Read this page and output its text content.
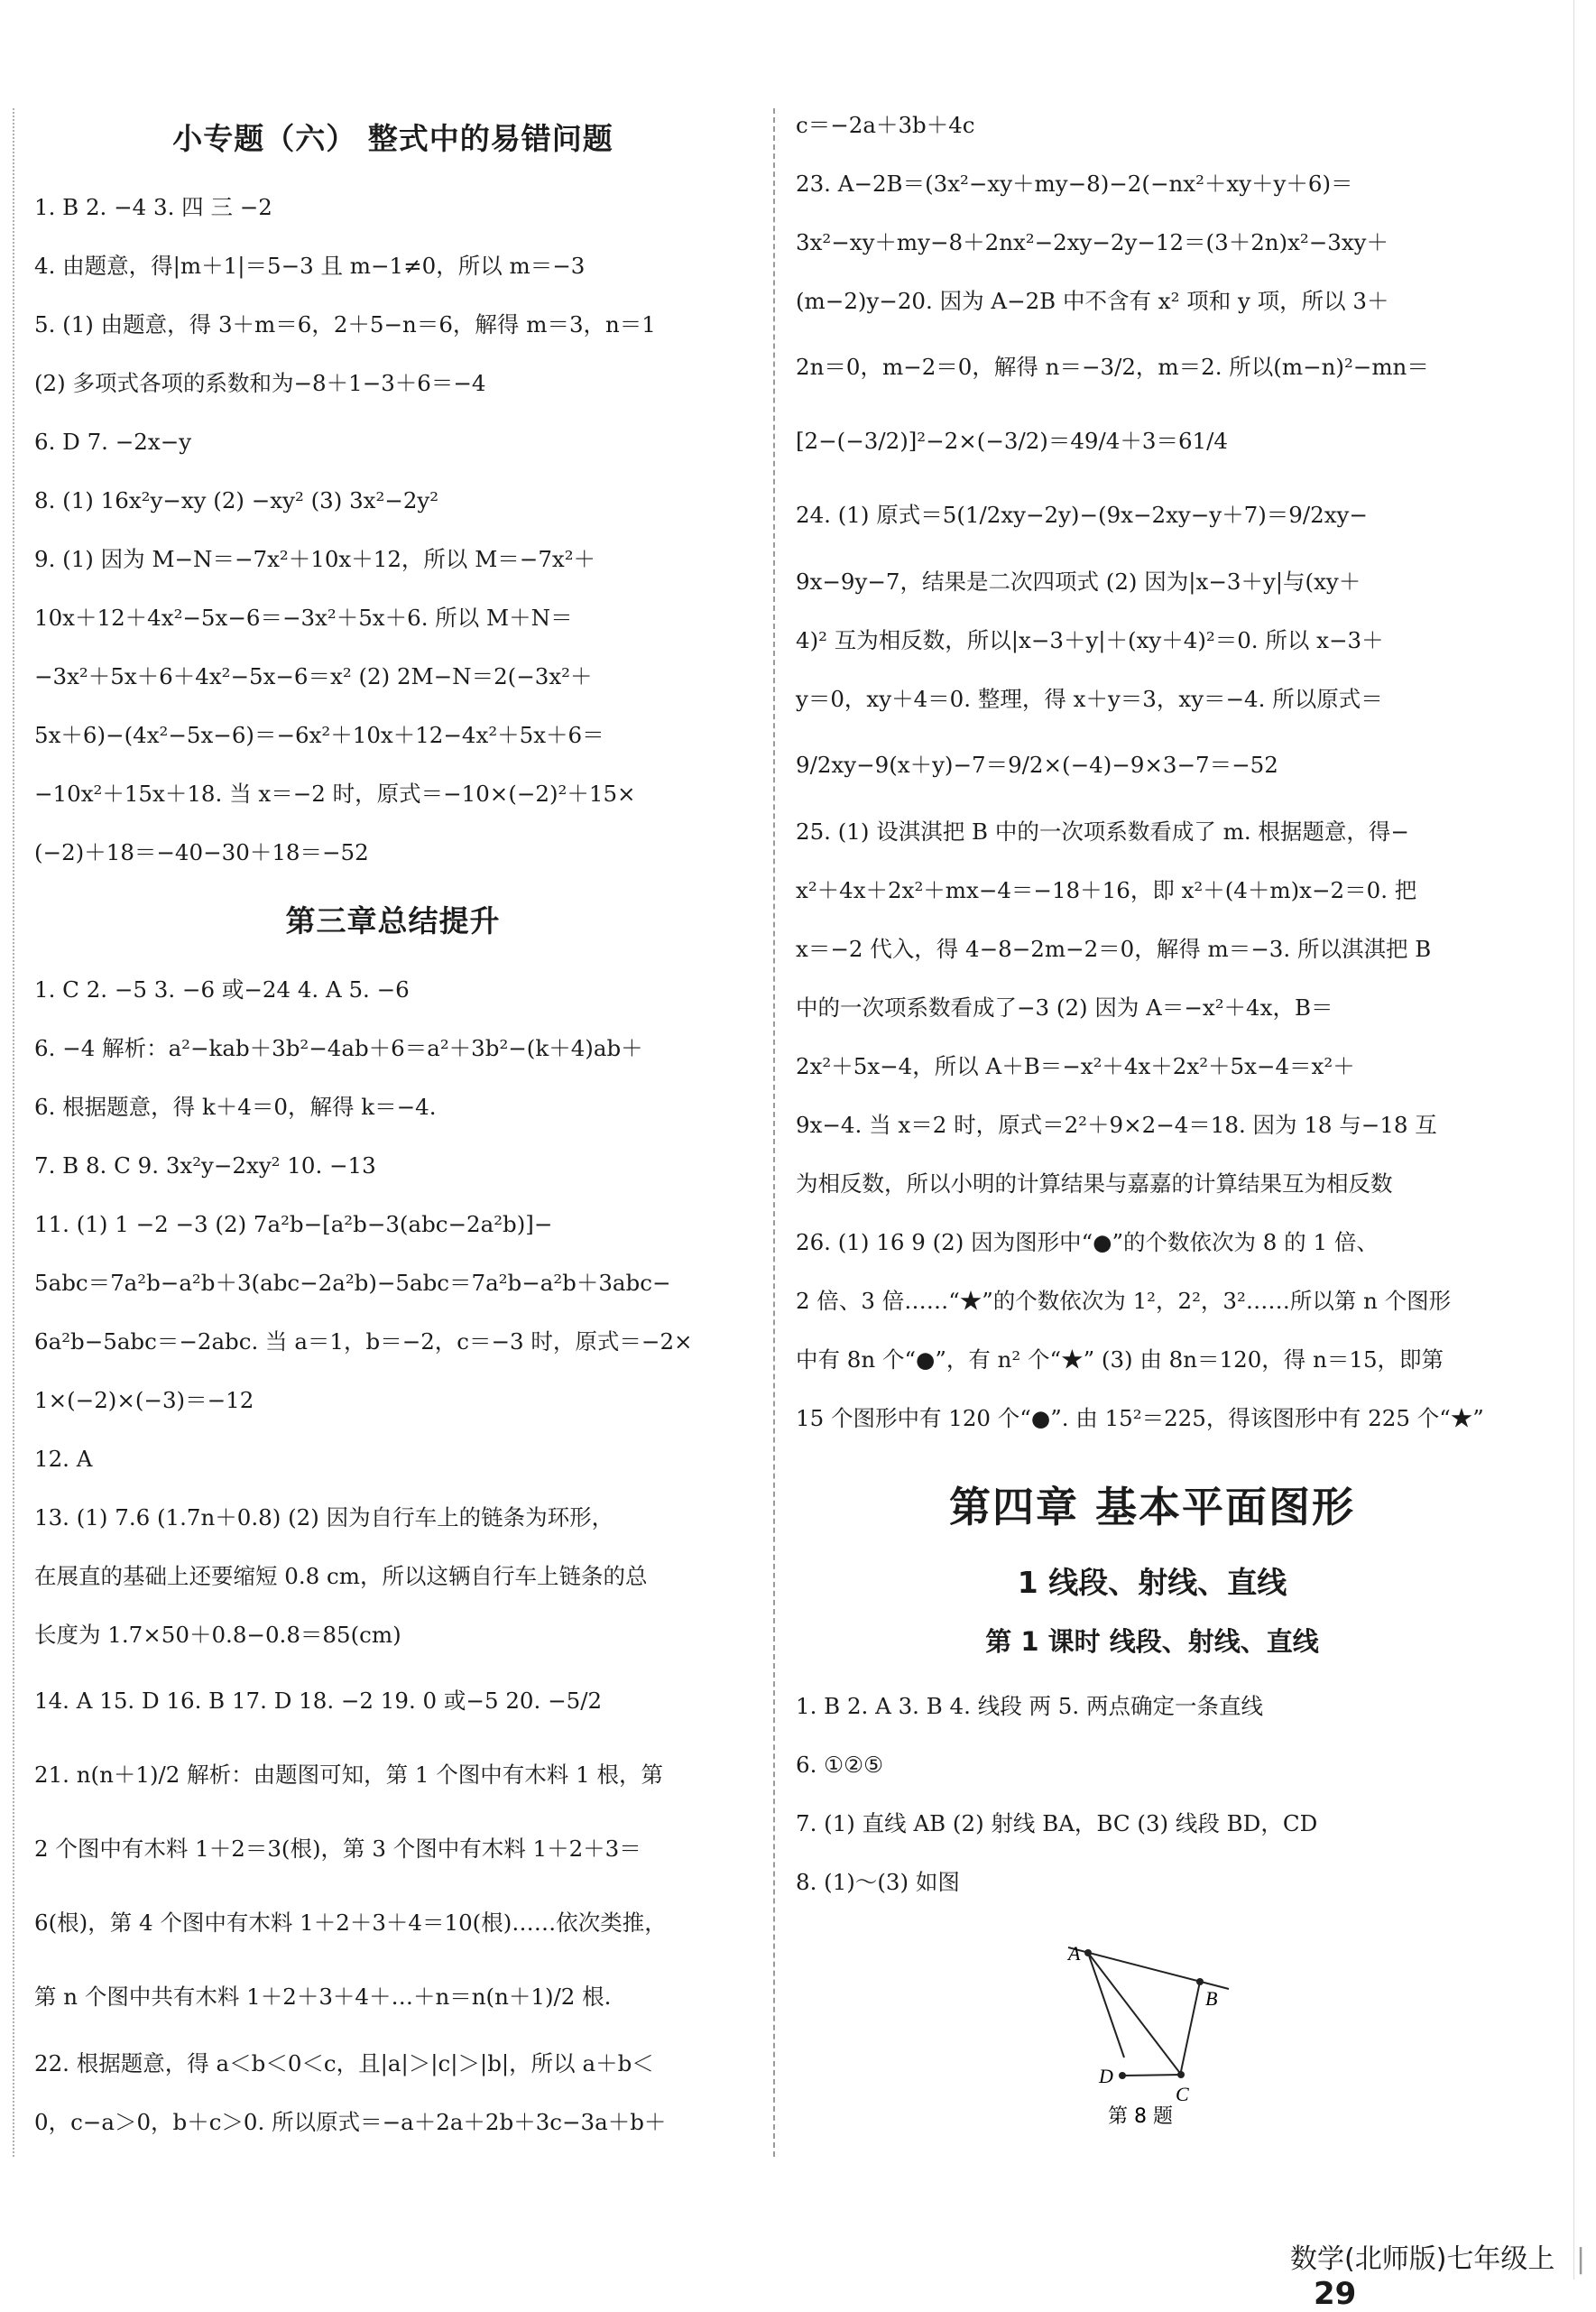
小专题（六） 整式中的易错问题
1. B 2. −4 3. 四 三 −2
4. 由题意，得|m＋1|＝5−3 且 m−1≠0，所以 m＝−3
5. (1) 由题意，得 3＋m＝6，2＋5−n＝6，解得 m＝3，n＝1
(2) 多项式各项的系数和为−8＋1−3＋6＝−4
6. D 7. −2x−y
8. (1) 16x²y−xy (2) −xy² (3) 3x²−2y²
9. (1) 因为 M−N＝−7x²＋10x＋12，所以 M＝−7x²＋
10x＋12＋4x²−5x−6＝−3x²＋5x＋6. 所以 M＋N＝
−3x²＋5x＋6＋4x²−5x−6＝x² (2) 2M−N＝2(−3x²＋
5x＋6)−(4x²−5x−6)＝−6x²＋10x＋12−4x²＋5x＋6＝
−10x²＋15x＋18. 当 x＝−2 时，原式＝−10×(−2)²＋15×
(−2)＋18＝−40−30＋18＝−52
第三章总结提升
1. C 2. −5 3. −6 或−24 4. A 5. −6
6. −4 解析：a²−kab＋3b²−4ab＋6＝a²＋3b²−(k＋4)ab＋
6. 根据题意，得 k＋4＝0，解得 k＝−4.
7. B 8. C 9. 3x²y−2xy² 10. −13
11. (1) 1 −2 −3 (2) 7a²b−[a²b−3(abc−2a²b)]−
5abc＝7a²b−a²b＋3(abc−2a²b)−5abc＝7a²b−a²b＋3abc−
6a²b−5abc＝−2abc. 当 a＝1，b＝−2，c＝−3 时，原式＝−2×
1×(−2)×(−3)＝−12
12. A
13. (1) 7.6 (1.7n＋0.8) (2) 因为自行车上的链条为环形，
在展直的基础上还要缩短 0.8 cm，所以这辆自行车上链条的总
长度为 1.7×50＋0.8−0.8＝85(cm)
14. A 15. D 16. B 17. D 18. −2 19. 0 或−5 20. −5/2
21. n(n＋1)/2 解析：由题图可知，第 1 个图中有木料 1 根，第
2 个图中有木料 1＋2＝3(根)，第 3 个图中有木料 1＋2＋3＝
6(根)，第 4 个图中有木料 1＋2＋3＋4＝10(根)……依次类推，
第 n 个图中共有木料 1＋2＋3＋4＋…＋n＝n(n＋1)/2 根.
22. 根据题意，得 a＜b＜0＜c，且|a|＞|c|＞|b|，所以 a＋b＜
0，c−a＞0，b＋c＞0. 所以原式＝−a＋2a＋2b＋3c−3a＋b＋
c＝−2a＋3b＋4c
23. A−2B＝(3x²−xy＋my−8)−2(−nx²＋xy＋y＋6)＝
3x²−xy＋my−8＋2nx²−2xy−2y−12＝(3＋2n)x²−3xy＋
(m−2)y−20. 因为 A−2B 中不含有 x² 项和 y 项，所以 3＋
2n＝0，m−2＝0，解得 n＝−3/2，m＝2. 所以(m−n)²−mn＝
[2−(−3/2)]²−2×(−3/2)＝49/4＋3＝61/4
24. (1) 原式＝5(1/2xy−2y)−(9x−2xy−y＋7)＝9/2xy−
9x−9y−7，结果是二次四项式 (2) 因为|x−3＋y|与(xy＋
4)² 互为相反数，所以|x−3＋y|＋(xy＋4)²＝0. 所以 x−3＋
y＝0，xy＋4＝0. 整理，得 x＋y＝3，xy＝−4. 所以原式＝
9/2xy−9(x＋y)−7＝9/2×(−4)−9×3−7＝−52
25. (1) 设淇淇把 B 中的一次项系数看成了 m. 根据题意，得−
x²＋4x＋2x²＋mx−4＝−18＋16，即 x²＋(4＋m)x−2＝0. 把
x＝−2 代入，得 4−8−2m−2＝0，解得 m＝−3. 所以淇淇把 B
中的一次项系数看成了−3 (2) 因为 A＝−x²＋4x，B＝
2x²＋5x−4，所以 A＋B＝−x²＋4x＋2x²＋5x−4＝x²＋
9x−4. 当 x＝2 时，原式＝2²＋9×2−4＝18. 因为 18 与−18 互
为相反数，所以小明的计算结果与嘉嘉的计算结果互为相反数
26. (1) 16 9 (2) 因为图形中“●”的个数依次为 8 的 1 倍、
2 倍、3 倍……“★”的个数依次为 1²，2²，3²……所以第 n 个图形
中有 8n 个“●”，有 n² 个“★” (3) 由 8n＝120，得 n＝15，即第
15 个图形中有 120 个“●”. 由 15²＝225，得该图形中有 225 个“★”
第四章 基本平面图形
1 线段、射线、直线
第 1 课时 线段、射线、直线
1. B 2. A 3. B 4. 线段 两 5. 两点确定一条直线
6. ①②⑤
7. (1) 直线 AB (2) 射线 BA，BC (3) 线段 BD，CD
8. (1)～(3) 如图
A
B
C
D
第 8 题
数学(北师版)七年级上 | 29
